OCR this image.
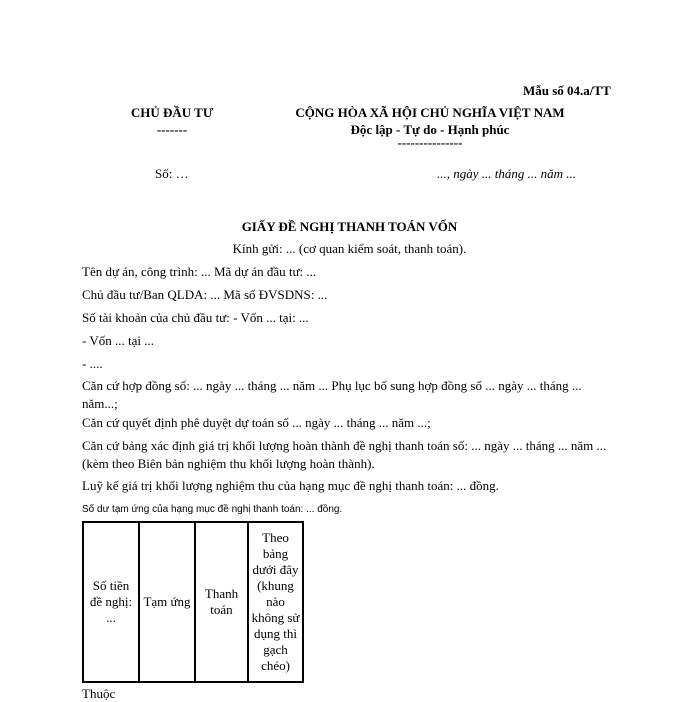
Mẫu số 04.a/TT
CHỦ ĐẦU TƯ
-------
CỘNG HÒA XÃ HỘI CHỦ NGHĨA VIỆT NAM
Độc lập - Tự do - Hạnh phúc
---------------
Số: …	..., ngày ... tháng ... năm ...
GIẤY ĐỀ NGHỊ THANH TOÁN VỐN
Kính gửi: ... (cơ quan kiểm soát, thanh toán).
Tên dự án, công trình: ... Mã dự án đầu tư: ...
Chủ đầu tư/Ban QLDA: ... Mã số ĐVSDNS: ...
Số tài khoản của chủ đầu tư: - Vốn ... tại: ...
- Vốn ... tại ...
- ....
Căn cứ hợp đồng số: ... ngày ... tháng ... năm ... Phụ lục bổ sung hợp đồng số ... ngày ... tháng ... năm...;
Căn cứ quyết định phê duyệt dự toán số ... ngày ... tháng ... năm ...;
Căn cứ bảng xác định giá trị khối lượng hoàn thành đề nghị thanh toán số: ... ngày ... tháng ... năm ... (kèm theo Biên bản nghiệm thu khối lượng hoàn thành).
Luỹ kế giá trị khối lượng nghiệm thu của hạng mục đề nghị thanh toán: ... đồng.
Số dư tạm ứng của hạng mục đề nghị thanh toán: ... đồng.
Số tiền đề nghị: ...	Tạm ứng	Thanh toán	Theo bảng dưới đây (khung nào không sử dụng thì gạch chéo)
Thuộc
